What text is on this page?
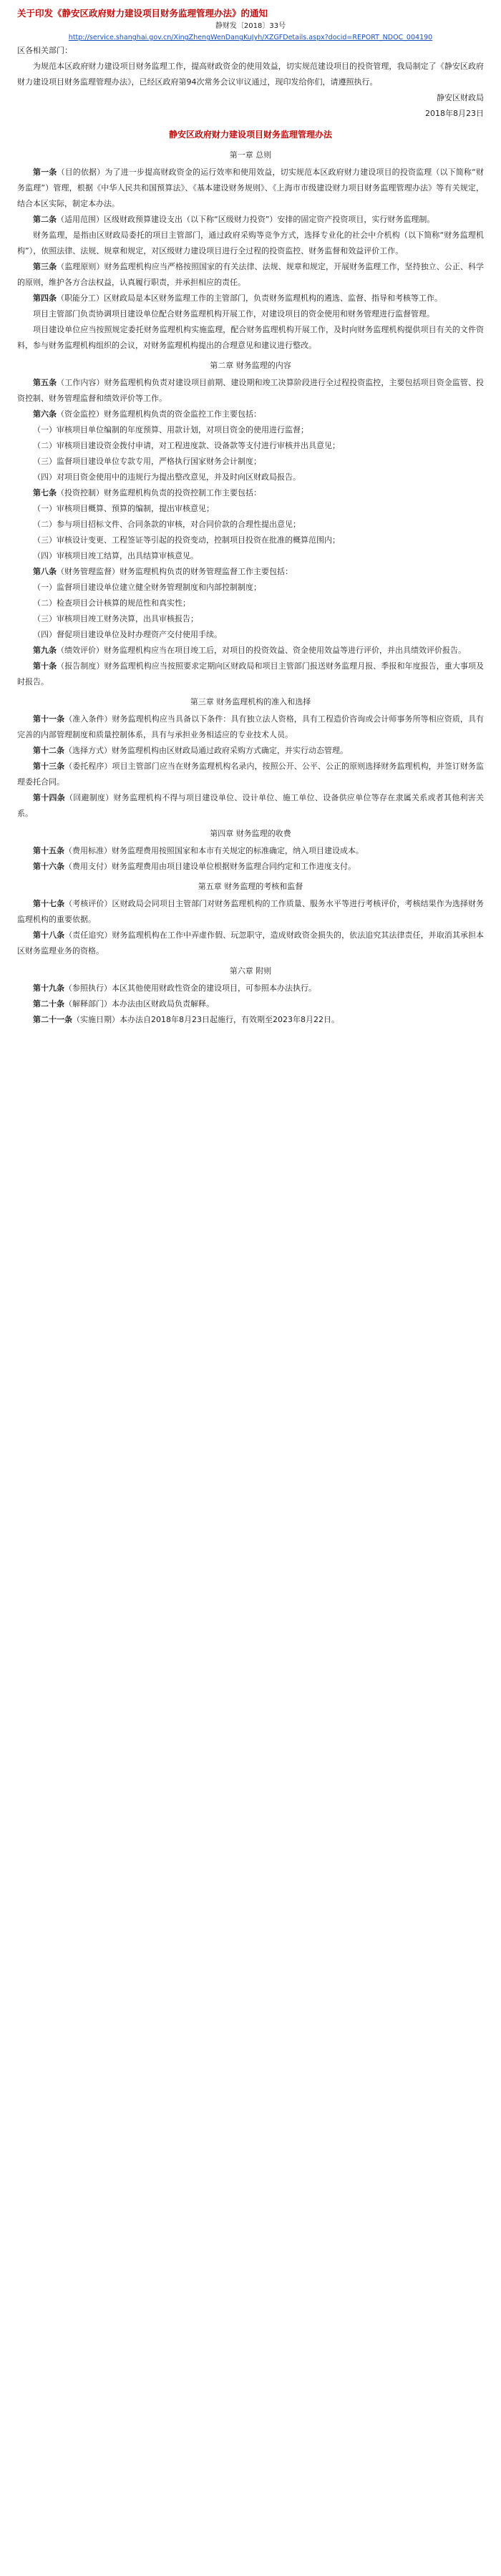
关于印发《静安区政府财力建设项目财务监理管理办法》的通知

静财发〔2018〕33号

http://service.shanghai.gov.cn/XingZhengWenDangKuJyh/XZGFDetails.aspx?docid=REPORT_NDOC_004190

区各相关部门：

为规范本区政府财力建设项目财务监理工作，提高财政资金的使用效益，切实规范建设项目的投资管理，我局制定了《静安区政府财力建设项目财务监理管理办法》，已经区政府第94次常务会议审议通过，现印发给你们，请遵照执行。

静安区财政局

2018年8月23日

静安区政府财力建设项目财务监理管理办法
第一章 总则

第一条（目的依据）为了进一步提高财政资金的运行效率和使用效益，切实规范本区政府财力建设项目的投资监理（以下简称“财务监理”）管理，根据《中华人民共和国预算法》、《基本建设财务规则》、《上海市市级建设财力项目财务监理管理办法》等有关规定，结合本区实际，制定本办法。

第二条（适用范围）区级财政预算建设支出（以下称“区级财力投资”）安排的固定资产投资项目，实行财务监理制。

财务监理，是指由区财政局委托的项目主管部门，通过政府采购等竞争方式，选择专业化的社会中介机构（以下简称“财务监理机构”），依照法律、法规、规章和规定，对区级财力建设项目进行全过程的投资监控、财务监督和效益评价工作。

第三条（监理原则）财务监理机构应当严格按照国家的有关法律、法规、规章和规定，开展财务监理工作，坚持独立、公正、科学的原则，维护各方合法权益，认真履行职责，并承担相应的责任。

第四条（职能分工）区财政局是本区财务监理工作的主管部门，负责财务监理机构的遴选、监督、指导和考核等工作。

项目主管部门负责协调项目建设单位配合财务监理机构开展工作，对建设项目的资金使用和财务管理进行监督管理。

项目建设单位应当按照规定委托财务监理机构实施监理，配合财务监理机构开展工作，及时向财务监理机构提供项目有关的文件资料，参与财务监理机构组织的会议，对财务监理机构提出的合理意见和建议进行整改。

第二章 财务监理的内容

第五条（工作内容）财务监理机构负责对建设项目前期、建设期和竣工决算阶段进行全过程投资监控，主要包括项目资金监管、投资控制、财务管理监督和绩效评价等工作。

第六条（资金监控）财务监理机构负责的资金监控工作主要包括：

（一）审核项目单位编制的年度预算、用款计划，对项目资金的使用进行监督；

（二）审核项目建设资金拨付申请，对工程进度款、设备款等支付进行审核并出具意见；

（三）监督项目建设单位专款专用，严格执行国家财务会计制度；

（四）对项目资金使用中的违规行为提出整改意见，并及时向区财政局报告。

第七条（投资控制）财务监理机构负责的投资控制工作主要包括：

（一）审核项目概算、预算的编制，提出审核意见；

（二）参与项目招标文件、合同条款的审核，对合同价款的合理性提出意见；

（三）审核设计变更、工程签证等引起的投资变动，控制项目投资在批准的概算范围内；

（四）审核项目竣工结算，出具结算审核意见。

第八条（财务管理监督）财务监理机构负责的财务管理监督工作主要包括：

（一）监督项目建设单位建立健全财务管理制度和内部控制制度；

（二）检查项目会计核算的规范性和真实性；

（三）审核项目竣工财务决算，出具审核报告；

（四）督促项目建设单位及时办理资产交付使用手续。

第九条（绩效评价）财务监理机构应当在项目竣工后，对项目的投资效益、资金使用效益等进行评价，并出具绩效评价报告。

第十条（报告制度）财务监理机构应当按照要求定期向区财政局和项目主管部门报送财务监理月报、季报和年度报告，重大事项及时报告。

第三章 财务监理机构的准入和选择

第十一条（准入条件）财务监理机构应当具备以下条件：具有独立法人资格，具有工程造价咨询或会计师事务所等相应资质，具有完善的内部管理制度和质量控制体系，具有与承担业务相适应的专业技术人员。

第十二条（选择方式）财务监理机构由区财政局通过政府采购方式确定，并实行动态管理。

第十三条（委托程序）项目主管部门应当在财务监理机构名录内，按照公开、公平、公正的原则选择财务监理机构，并签订财务监理委托合同。

第十四条（回避制度）财务监理机构不得与项目建设单位、设计单位、施工单位、设备供应单位等存在隶属关系或者其他利害关系。

第四章 财务监理的收费

第十五条（费用标准）财务监理费用按照国家和本市有关规定的标准确定，纳入项目建设成本。

第十六条（费用支付）财务监理费用由项目建设单位根据财务监理合同约定和工作进度支付。

第五章 财务监理的考核和监督

第十七条（考核评价）区财政局会同项目主管部门对财务监理机构的工作质量、服务水平等进行考核评价，考核结果作为选择财务监理机构的重要依据。

第十八条（责任追究）财务监理机构在工作中弄虚作假、玩忽职守，造成财政资金损失的，依法追究其法律责任，并取消其承担本区财务监理业务的资格。

第六章 附则

第十九条（参照执行）本区其他使用财政性资金的建设项目，可参照本办法执行。

第二十条（解释部门）本办法由区财政局负责解释。

第二十一条（实施日期）本办法自2018年8月23日起施行，有效期至2023年8月22日。
